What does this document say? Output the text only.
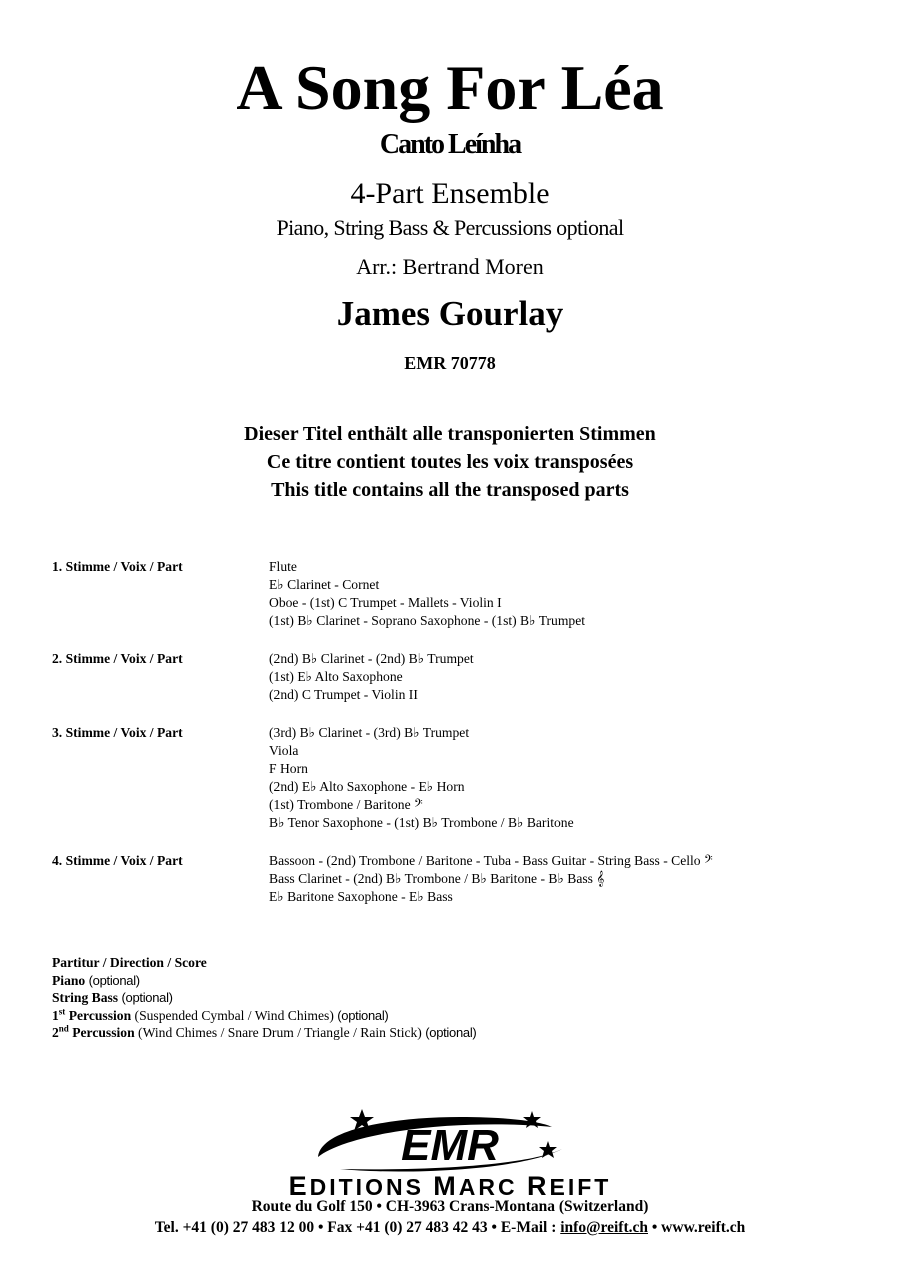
A Song For Léa
Canto Leínha
4-Part Ensemble
Piano, String Bass & Percussions optional
Arr.: Bertrand Moren
James Gourlay
EMR 70778
Dieser Titel enthält alle transponierten Stimmen
Ce titre contient toutes les voix transposées
This title contains all the transposed parts
1. Stimme / Voix / Part	Flute
E♭ Clarinet - Cornet
Oboe - (1st) C Trumpet - Mallets - Violin I
(1st) B♭ Clarinet - Soprano Saxophone - (1st) B♭ Trumpet
2. Stimme / Voix / Part	(2nd) B♭ Clarinet - (2nd) B♭ Trumpet
(1st) E♭ Alto Saxophone
(2nd) C Trumpet - Violin II
3. Stimme / Voix / Part	(3rd) B♭ Clarinet - (3rd) B♭ Trumpet
Viola
F Horn
(2nd) E♭ Alto Saxophone - E♭ Horn
(1st) Trombone / Baritone 𝄢
B♭ Tenor Saxophone - (1st) B♭ Trombone / B♭ Baritone
4. Stimme / Voix / Part	Bassoon - (2nd) Trombone / Baritone - Tuba - Bass Guitar - String Bass - Cello 𝄢
Bass Clarinet - (2nd) B♭ Trombone / B♭ Baritone - B♭ Bass 𝄞
E♭ Baritone Saxophone - E♭ Bass
Partitur / Direction / Score
Piano (optional)
String Bass (optional)
1st Percussion (Suspended Cymbal / Wind Chimes) (optional)
2nd Percussion (Wind Chimes / Snare Drum / Triangle / Rain Stick) (optional)
EMR
EDITIONS MARC REIFT
Route du Golf 150 • CH-3963 Crans-Montana (Switzerland)
Tel. +41 (0) 27 483 12 00 • Fax +41 (0) 27 483 42 43 • E-Mail : info@reift.ch • www.reift.ch
